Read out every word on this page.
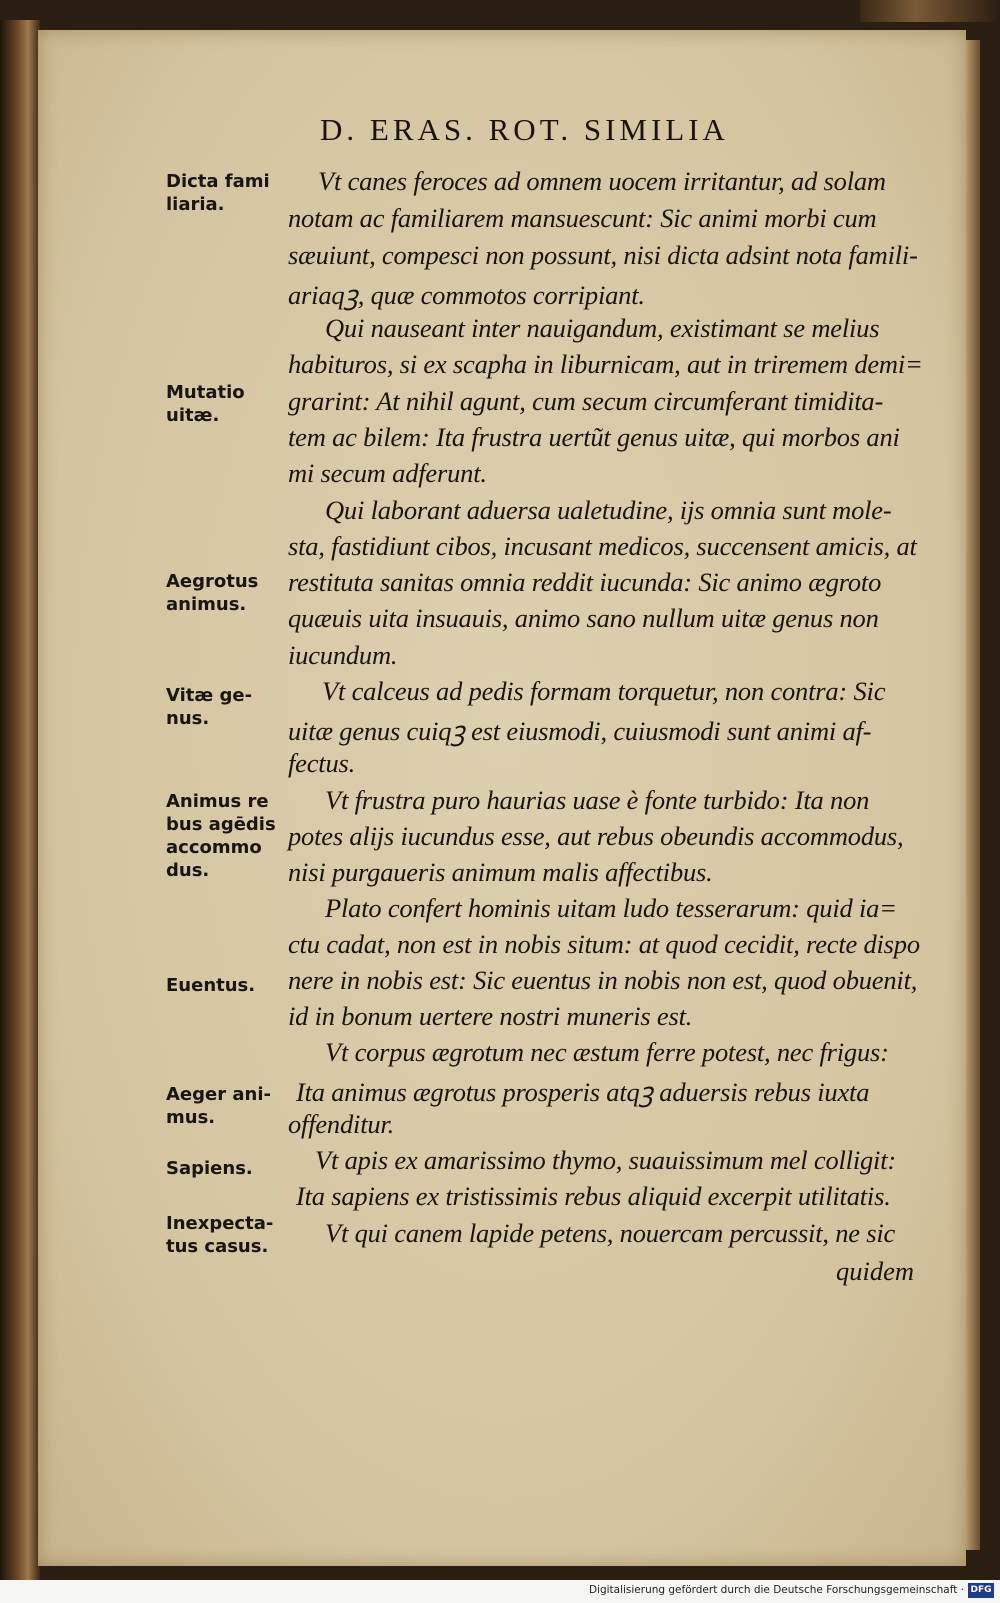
D. ERAS. ROT. SIMILIA
Dicta fami
liaria.
Mutatio
uitæ.
Aegrotus
animus.
Vitæ ge-
nus.
Animus re
bus agēdis
accommo
dus.
Euentus.
Aeger ani-
mus.
Sapiens.
Inexpecta-
tus casus.
Vt canes feroces ad omnem uocem irritantur, ad solam
notam ac familiarem mansuescunt: Sic animi morbi cum
sæuiunt, compesci non possunt, nisi dicta adsint nota famili-
ariaqꝫ, quæ commotos corripiant.
Qui nauseant inter nauigandum, existimant se melius
habituros, si ex scapha in liburnicam, aut in triremem demi=
grarint: At nihil agunt, cum secum circumferant timidita-
tem ac bilem: Ita frustra uertũt genus uitæ, qui morbos ani
mi secum adferunt.
Qui laborant aduersa ualetudine, ijs omnia sunt mole-
sta, fastidiunt cibos, incusant medicos, succensent amicis, at
restituta sanitas omnia reddit iucunda: Sic animo ægroto
quæuis uita insuauis, animo sano nullum uitæ genus non
iucundum.
Vt calceus ad pedis formam torquetur, non contra: Sic
uitæ genus cuiqꝫ est eiusmodi, cuiusmodi sunt animi af-
fectus.
Vt frustra puro haurias uase è fonte turbido: Ita non
potes alijs iucundus esse, aut rebus obeundis accommodus,
nisi purgaueris animum malis affectibus.
Plato confert hominis uitam ludo tesserarum: quid ia=
ctu cadat, non est in nobis situm: at quod cecidit, recte dispo
nere in nobis est: Sic euentus in nobis non est, quod obuenit,
id in bonum uertere nostri muneris est.
Vt corpus ægrotum nec æstum ferre potest, nec frigus:
Ita animus ægrotus prosperis atqꝫ aduersis rebus iuxta
offenditur.
Vt apis ex amarissimo thymo, suauissimum mel colligit:
Ita sapiens ex tristissimis rebus aliquid excerpit utilitatis.
Vt qui canem lapide petens, nouercam percussit, ne sic
quidem
Digitalisierung gefördert durch die Deutsche Forschungsgemeinschaft · DFG
